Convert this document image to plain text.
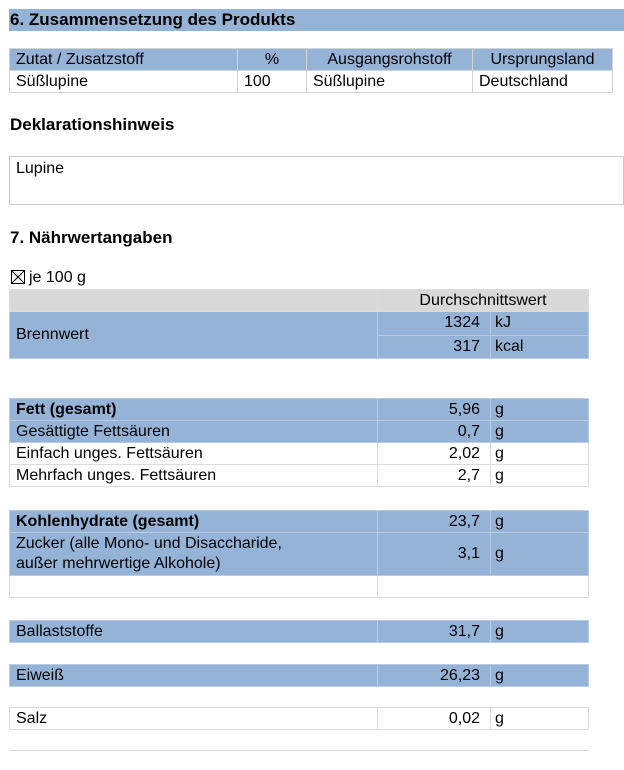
6. Zusammensetzung des Produkts
Zutat / Zusatzstoff	%	Ausgangsrohstoff	Ursprungsland
Süßlupine	100	Süßlupine	Deutschland
Deklarationshinweis
Lupine
7. Nährwertangaben
je 100 g
	Durchschnittswert	
Brennwert	1324	kJ
	317	kcal
Fett (gesamt)	5,96	g
Gesättigte Fettsäuren	0,7	g
Einfach unges. Fettsäuren	2,02	g
Mehrfach unges. Fettsäuren	2,7	g
Kohlenhydrate (gesamt)	23,7	g

Zucker (alle Mono- und Disaccharide,
außer mehrwertige Alkohole)	3,1	g

Ballaststoffe	31,7	g
Eiweiß	26,23	g
Salz	0,02	g
